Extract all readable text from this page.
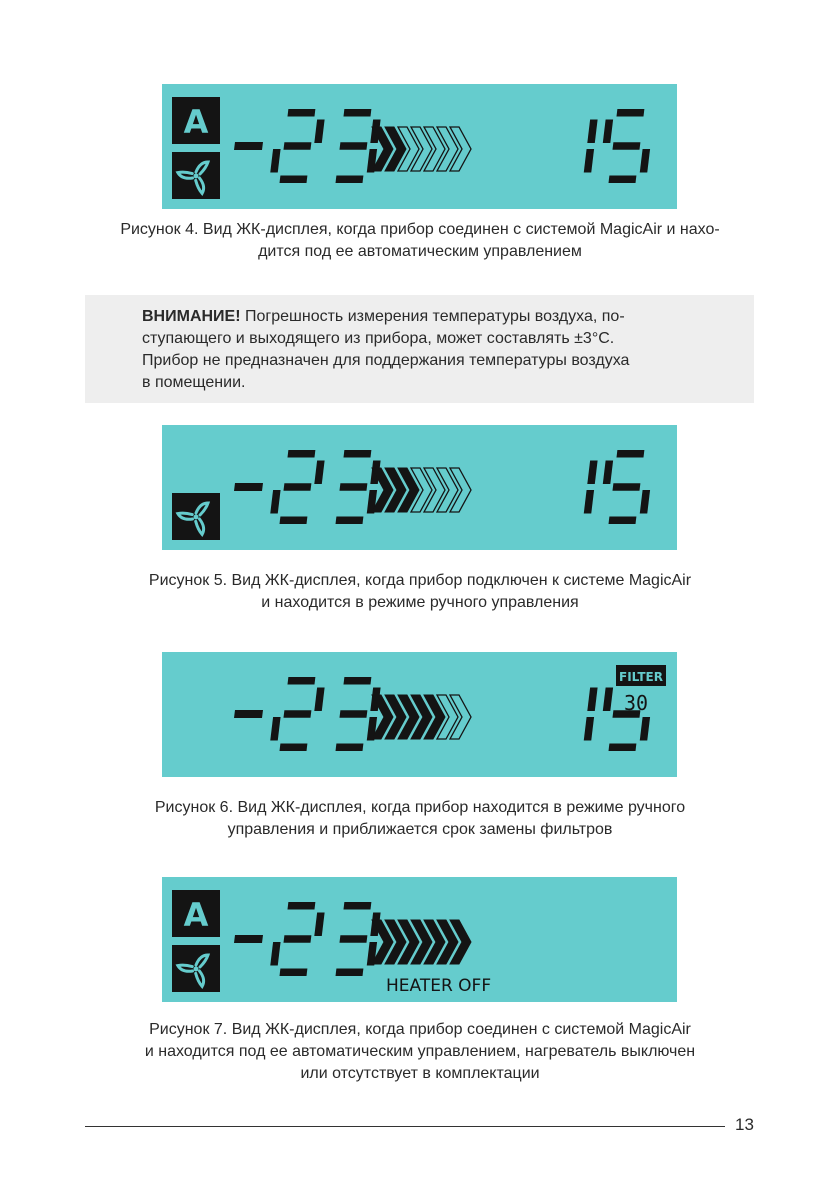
A
Рисунок 4. Вид ЖК-дисплея, когда прибор соединен с системой MagicAir и нахо-
дится под ее автоматическим управлением
ВНИМАНИЕ! Погрешность измерения температуры воздуха, по-
ступающего и выходящего из прибора, может составлять ±3°C.
Прибор не предназначен для поддержания температуры воздуха
в помещении.
Рисунок 5. Вид ЖК-дисплея, когда прибор подключен к системе MagicAir
и находится в режиме ручного управления
FILTER
30
Рисунок 6. Вид ЖК-дисплея, когда прибор находится в режиме ручного
управления и приближается срок замены фильтров
A
HEATER OFF
Рисунок 7. Вид ЖК-дисплея, когда прибор соединен с системой MagicAir
и находится под ее автоматическим управлением, нагреватель выключен
или отсутствует в комплектации
13
